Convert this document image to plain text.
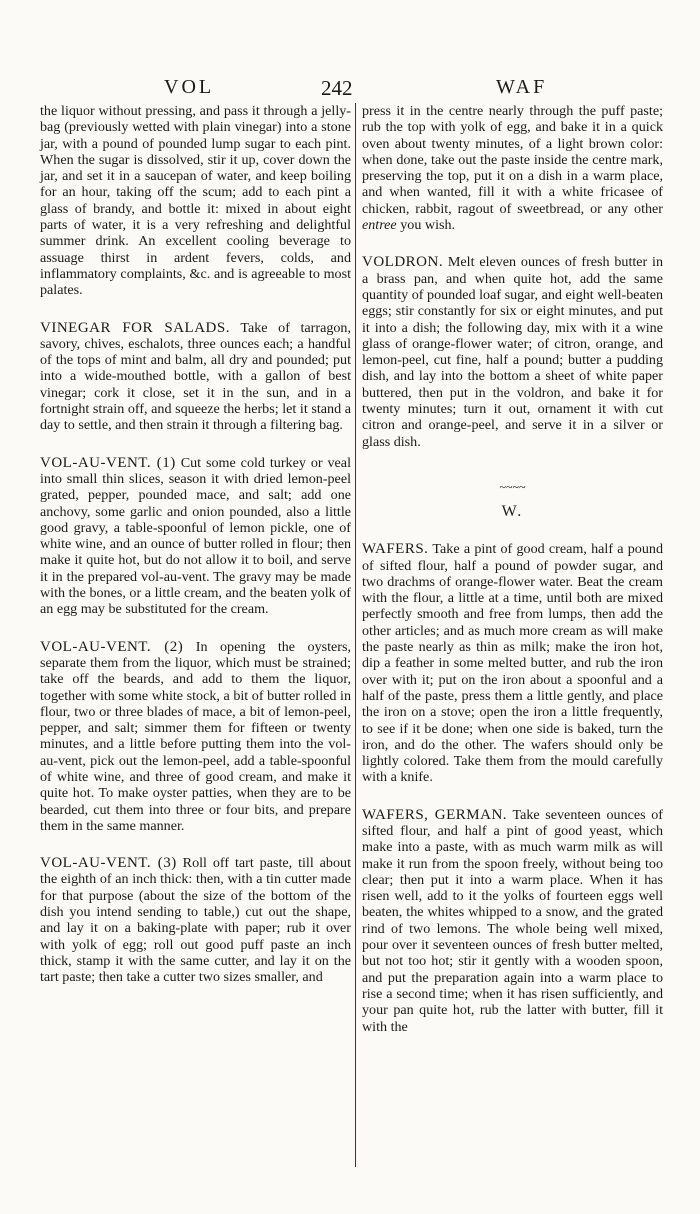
VOL	242	WAF

the liquor without pressing, and pass it through a jelly-bag (previously wetted with plain vinegar) into a stone jar, with a pound of pounded lump sugar to each pint. When the sugar is dissolved, stir it up, cover down the jar, and set it in a saucepan of water, and keep boiling for an hour, taking off the scum; add to each pint a glass of brandy, and bottle it: mixed in about eight parts of water, it is a very refreshing and delightful summer drink. An excellent cooling beverage to assuage thirst in ardent fevers, colds, and inflammatory complaints, &c. and is agreeable to most palates.

VINEGAR FOR SALADS. Take of tarragon, savory, chives, eschalots, three ounces each; a handful of the tops of mint and balm, all dry and pounded; put into a wide-mouthed bottle, with a gallon of best vinegar; cork it close, set it in the sun, and in a fortnight strain off, and squeeze the herbs; let it stand a day to settle, and then strain it through a filtering bag.

VOL-AU-VENT. (1) Cut some cold turkey or veal into small thin slices, season it with dried lemon-peel grated, pepper, pounded mace, and salt; add one anchovy, some garlic and onion pounded, also a little good gravy, a table-spoonful of lemon pickle, one of white wine, and an ounce of butter rolled in flour; then make it quite hot, but do not allow it to boil, and serve it in the prepared vol-au-vent. The gravy may be made with the bones, or a little cream, and the beaten yolk of an egg may be substituted for the cream.

VOL-AU-VENT. (2) In opening the oysters, separate them from the liquor, which must be strained; take off the beards, and add to them the liquor, together with some white stock, a bit of butter rolled in flour, two or three blades of mace, a bit of lemon-peel, pepper, and salt; simmer them for fifteen or twenty minutes, and a little before putting them into the vol-au-vent, pick out the lemon-peel, add a table-spoonful of white wine, and three of good cream, and make it quite hot. To make oyster patties, when they are to be bearded, cut them into three or four bits, and prepare them in the same manner.

VOL-AU-VENT. (3) Roll off tart paste, till about the eighth of an inch thick: then, with a tin cutter made for that purpose (about the size of the bottom of the dish you intend sending to table,) cut out the shape, and lay it on a baking-plate with paper; rub it over with yolk of egg; roll out good puff paste an inch thick, stamp it with the same cutter, and lay it on the tart paste; then take a cutter two sizes smaller, and

press it in the centre nearly through the puff paste; rub the top with yolk of egg, and bake it in a quick oven about twenty minutes, of a light brown color: when done, take out the paste inside the centre mark, preserving the top, put it on a dish in a warm place, and when wanted, fill it with a white fricasee of chicken, rabbit, ragout of sweetbread, or any other entree you wish.

VOLDRON. Melt eleven ounces of fresh butter in a brass pan, and when quite hot, add the same quantity of pounded loaf sugar, and eight well-beaten eggs; stir constantly for six or eight minutes, and put it into a dish; the following day, mix with it a wine glass of orange-flower water; of citron, orange, and lemon-peel, cut fine, half a pound; butter a pudding dish, and lay into the bottom a sheet of white paper buttered, then put in the voldron, and bake it for twenty minutes; turn it out, ornament it with cut citron and orange-peel, and serve it in a silver or glass dish.

~~~~
W.

WAFERS. Take a pint of good cream, half a pound of sifted flour, half a pound of powder sugar, and two drachms of orange-flower water. Beat the cream with the flour, a little at a time, until both are mixed perfectly smooth and free from lumps, then add the other articles; and as much more cream as will make the paste nearly as thin as milk; make the iron hot, dip a feather in some melted butter, and rub the iron over with it; put on the iron about a spoonful and a half of the paste, press them a little gently, and place the iron on a stove; open the iron a little frequently, to see if it be done; when one side is baked, turn the iron, and do the other. The wafers should only be lightly colored. Take them from the mould carefully with a knife.

WAFERS, GERMAN. Take seventeen ounces of sifted flour, and half a pint of good yeast, which make into a paste, with as much warm milk as will make it run from the spoon freely, without being too clear; then put it into a warm place. When it has risen well, add to it the yolks of fourteen eggs well beaten, the whites whipped to a snow, and the grated rind of two lemons. The whole being well mixed, pour over it seventeen ounces of fresh butter melted, but not too hot; stir it gently with a wooden spoon, and put the preparation again into a warm place to rise a second time; when it has risen sufficiently, and your pan quite hot, rub the latter with butter, fill it with the
